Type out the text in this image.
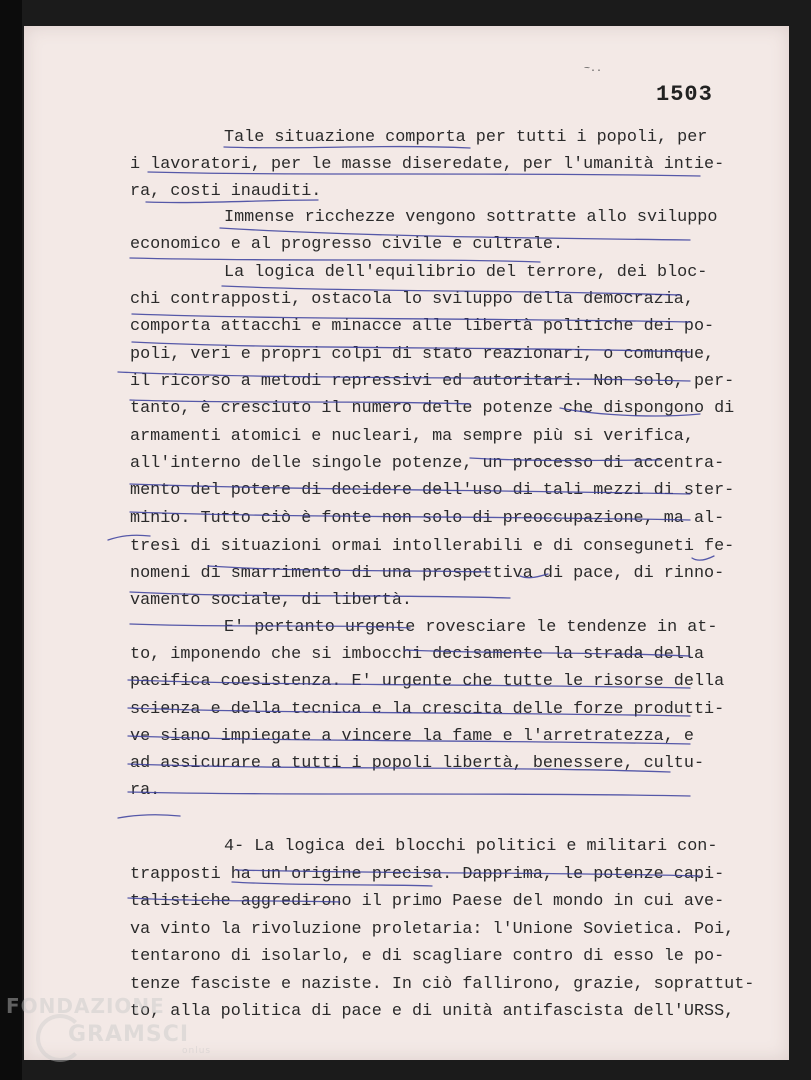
~..
1503
Tale situazione comporta per tutti i popoli, per
i lavoratori, per le masse diseredate, per l'umanità intie-
ra, costi inauditi.
Immense ricchezze vengono sottratte allo sviluppo
economico e al progresso civile e cultrale.
La logica dell'equilibrio del terrore, dei bloc-
chi contrapposti, ostacola lo sviluppo della democrazia,
comporta attacchi e minacce alle libertà politiche dei po-
poli, veri e propri colpi di stato reazionari, o comunque,
il ricorso a metodi repressivi ed autoritari. Non solo, per-
tanto, è cresciuto il numero delle potenze che dispongono di
armamenti atomici e nucleari, ma sempre più si verifica,
all'interno delle singole potenze, un processo di accentra-
mento del potere di decidere dell'uso di tali mezzi di ster-
minio. Tutto ciò è fonte non solo di preoccupazione, ma al-
tresì di situazioni ormai intollerabili e di conseguneti fe-
nomeni di smarrimento di una prospettiva di pace, di rinno-
vamento sociale, di libertà.
E' pertanto urgente rovesciare le tendenze in at-
to, imponendo che si imbocchi decisamente la strada della
pacifica coesistenza. E' urgente che tutte le risorse della
scienza e della tecnica e la crescita delle forze produtti-
ve siano impiegate a vincere la fame e l'arretratezza, e
ad assicurare a tutti i popoli libertà, benessere, cultu-
ra.
4- La logica dei blocchi politici e militari con-
trapposti ha un'origine precisa. Dapprima, le potenze capi-
talistiche aggredirono il primo Paese del mondo in cui ave-
va vinto la rivoluzione proletaria: l'Unione Sovietica. Poi,
tentarono di isolarlo, e di scagliare contro di esso le po-
tenze fasciste e naziste. In ciò fallirono, grazie, soprattut-
to, alla politica di pace e di unità antifascista dell'URSS,
FONDAZIONE
GRAMSCI
onlus
